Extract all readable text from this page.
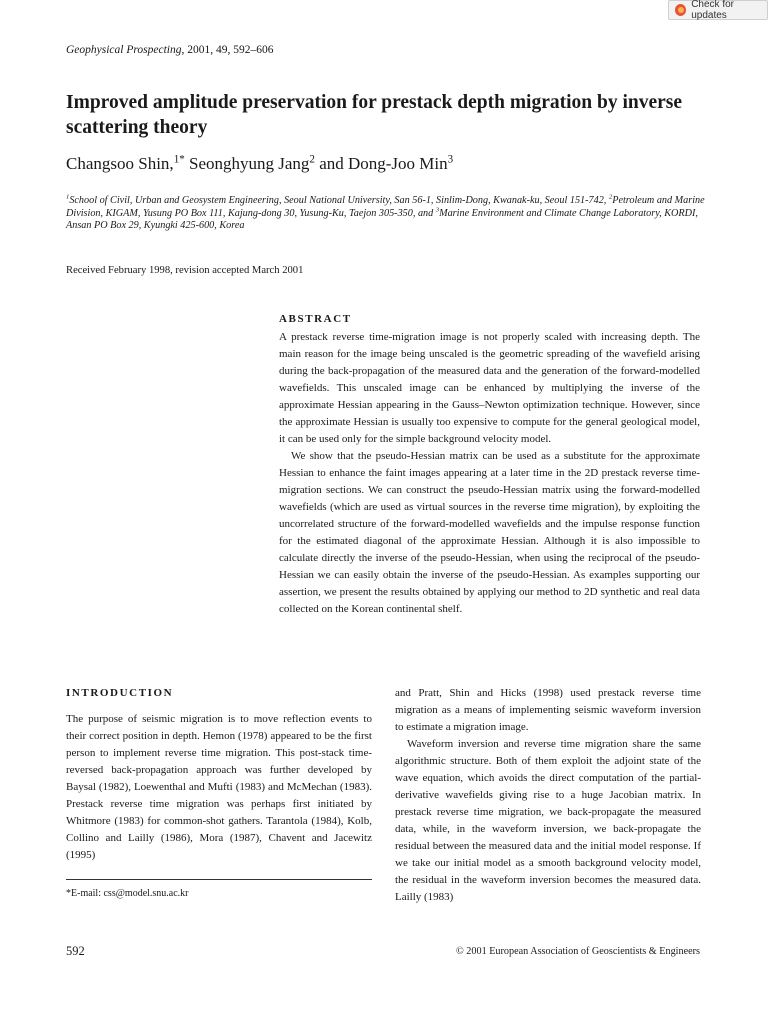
Check for updates
Geophysical Prospecting, 2001, 49, 592–606
Improved amplitude preservation for prestack depth migration by inverse scattering theory
Changsoo Shin,$^{1*}$ Seonghyung Jang$^2$ and Dong-Joo Min$^3$
$^1$School of Civil, Urban and Geosystem Engineering, Seoul National University, San 56-1, Sinlim-Dong, Kwanak-ku, Seoul 151-742, $^2$Petroleum and Marine Division, KIGAM, Yusung PO Box 111, Kajung-dong 30, Yusung-Ku, Taejon 305-350, and $^3$Marine Environment and Climate Change Laboratory, KORDI, Ansan PO Box 29, Kyungki 425-600, Korea
Received February 1998, revision accepted March 2001
ABSTRACT

A prestack reverse time-migration image is not properly scaled with increasing depth. The main reason for the image being unscaled is the geometric spreading of the wavefield arising during the back-propagation of the measured data and the generation of the forward-modelled wavefields. This unscaled image can be enhanced by multiplying the inverse of the approximate Hessian appearing in the Gauss–Newton optimization technique. However, since the approximate Hessian is usually too expensive to compute for the general geological model, it can be used only for the simple background velocity model.

We show that the pseudo-Hessian matrix can be used as a substitute for the approximate Hessian to enhance the faint images appearing at a later time in the 2D prestack reverse time-migration sections. We can construct the pseudo-Hessian matrix using the forward-modelled wavefields (which are used as virtual sources in the reverse time migration), by exploiting the uncorrelated structure of the forward-modelled wavefields and the impulse response function for the estimated diagonal of the approximate Hessian. Although it is also impossible to calculate directly the inverse of the pseudo-Hessian, when using the reciprocal of the pseudo-Hessian we can easily obtain the inverse of the pseudo-Hessian. As examples supporting our assertion, we present the results obtained by applying our method to 2D synthetic and real data collected on the Korean continental shelf.

INTRODUCTION

The purpose of seismic migration is to move reflection events to their correct position in depth. Hemon (1978) appeared to be the first person to implement reverse time migration. This post-stack time-reversed back-propagation approach was further developed by Baysal (1982), Loewenthal and Mufti (1983) and McMechan (1983). Prestack reverse time migration was perhaps first initiated by Whitmore (1983) for common-shot gathers. Tarantola (1984), Kolb, Collino and Lailly (1986), Mora (1987), Chavent and Jacewitz (1995)

and Pratt, Shin and Hicks (1998) used prestack reverse time migration as a means of implementing seismic waveform inversion to estimate a migration image.

Waveform inversion and reverse time migration share the same algorithmic structure. Both of them exploit the adjoint state of the wave equation, which avoids the direct computation of the partial-derivative wavefields giving rise to a huge Jacobian matrix. In prestack reverse time migration, we back-propagate the measured data, while, in the waveform inversion, we back-propagate the residual between the measured data and the initial model response. If we take our initial model as a smooth background velocity model, the residual in the waveform inversion becomes the measured data. Lailly (1983)

*E-mail: css@model.snu.ac.kr
592	© 2001 European Association of Geoscientists & Engineers
